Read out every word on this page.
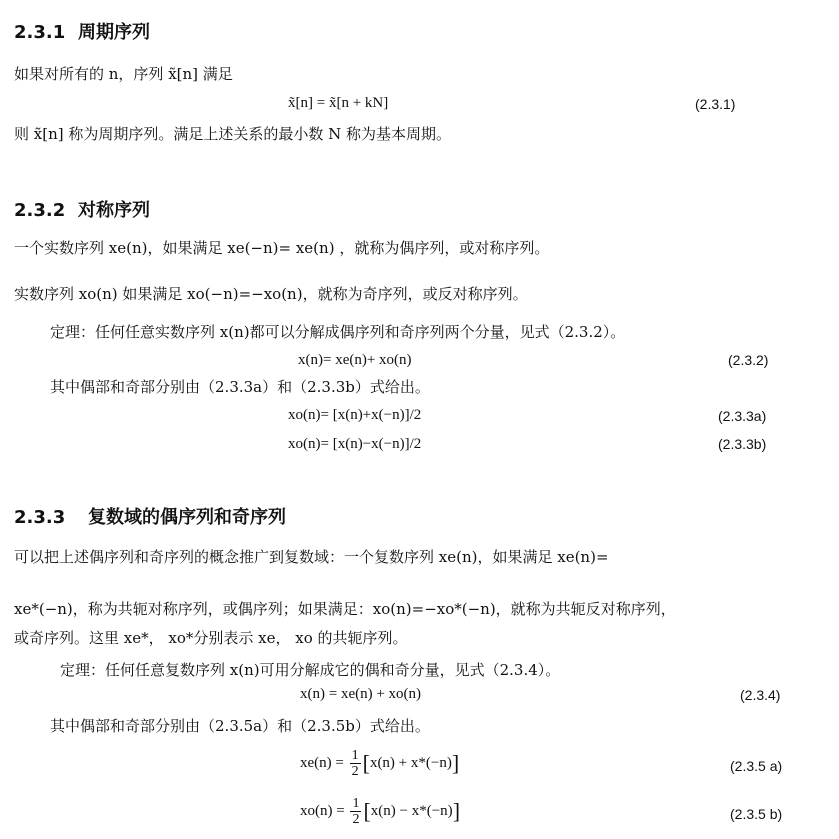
2.3.1 周期序列
如果对所有的 n，序列 x̃[n] 满足
x̃[n] = x̃[n + kN]	(2.3.1)
则 x̃[n] 称为周期序列。满足上述关系的最小数 N 称为基本周期。
2.3.2 对称序列
一个实数序列 xe(n)，如果满足 xe(−n)= xe(n) ，就称为偶序列，或对称序列。
实数序列 xo(n) 如果满足 xo(−n)=−xo(n)，就称为奇序列，或反对称序列。
定理：任何任意实数序列 x(n)都可以分解成偶序列和奇序列两个分量，见式（2.3.2）。
x(n)= xe(n)+ xo(n)	(2.3.2)
其中偶部和奇部分别由（2.3.3a）和（2.3.3b）式给出。
xo(n)= [x(n)+x(−n)]/2	(2.3.3a)
xo(n)= [x(n)−x(−n)]/2	(2.3.3b)
2.3.3 复数域的偶序列和奇序列
可以把上述偶序列和奇序列的概念推广到复数域：一个复数序列 xe(n)，如果满足 xe(n)=
xe*(−n)，称为共轭对称序列，或偶序列；如果满足：xo(n)=−xo*(−n)，就称为共轭反对称序列，
或奇序列。这里 xe*， xo*分别表示 xe， xo 的共轭序列。
定理：任何任意复数序列 x(n)可用分解成它的偶和奇分量，见式（2.3.4）。
x(n) = xe(n) + xo(n)	(2.3.4)
其中偶部和奇部分别由（2.3.5a）和（2.3.5b）式给出。
$xe(n) = \frac{1}{2} [x(n) + x*(-n)]$	(2.3.5 a)
$xo(n) = \frac{1}{2} [x(n) - x*(-n)]$	(2.3.5 b)
